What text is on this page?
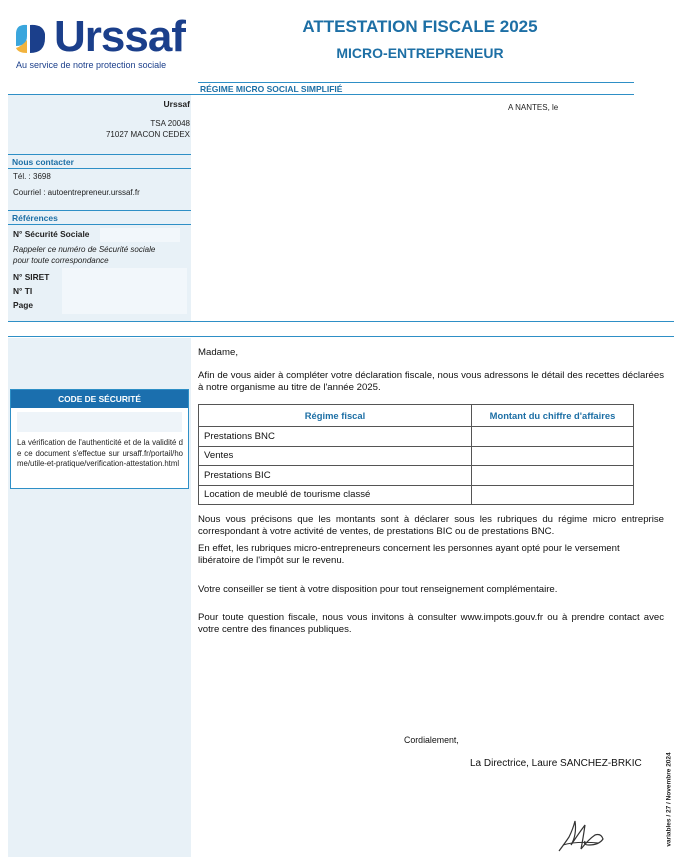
Urssaf
Au service de notre protection sociale
ATTESTATION FISCALE 2025
MICRO-ENTREPRENEUR
RÉGIME MICRO SOCIAL SIMPLIFIÉ
Urssaf
TSA 20048
71027 MACON CEDEX
A NANTES, le
Nous contacter
Tél. : 3698
Courriel : autoentrepreneur.urssaf.fr
Références
N° Sécurité Sociale
Rappeler ce numéro de Sécurité sociale
pour toute correspondance
N° SIRET
N° TI
Page
CODE DE SÉCURITÉ
La vérification de l'authenticité et de la validité de ce document s'effectue sur ursaff.fr/portail/home/utile-et-pratique/verification-attestation.html
Madame,
Afin de vous aider à compléter votre déclaration fiscale, nous vous adressons le détail des recettes déclarées à notre organisme au titre de l'année 2025.
Régime fiscal	Montant du chiffre d'affaires
Prestations BNC	
Ventes	
Prestations BIC	
Location de meublé de tourisme classé	
Nous vous précisons que les montants sont à déclarer sous les rubriques du régime micro entreprise correspondant à votre activité de ventes, de prestations BIC ou de prestations BNC.
En effet, les rubriques micro-entrepreneurs concernent les personnes ayant opté pour le versement libératoire de l'impôt sur le revenu.
Votre conseiller se tient à votre disposition pour tout renseignement complémentaire.
Pour toute question fiscale, nous vous invitons à consulter www.impots.gouv.fr ou à prendre contact avec votre centre des finances publiques.
Cordialement,
La Directrice, Laure SANCHEZ-BRKIC	variables / 27 / Novembre 2024
